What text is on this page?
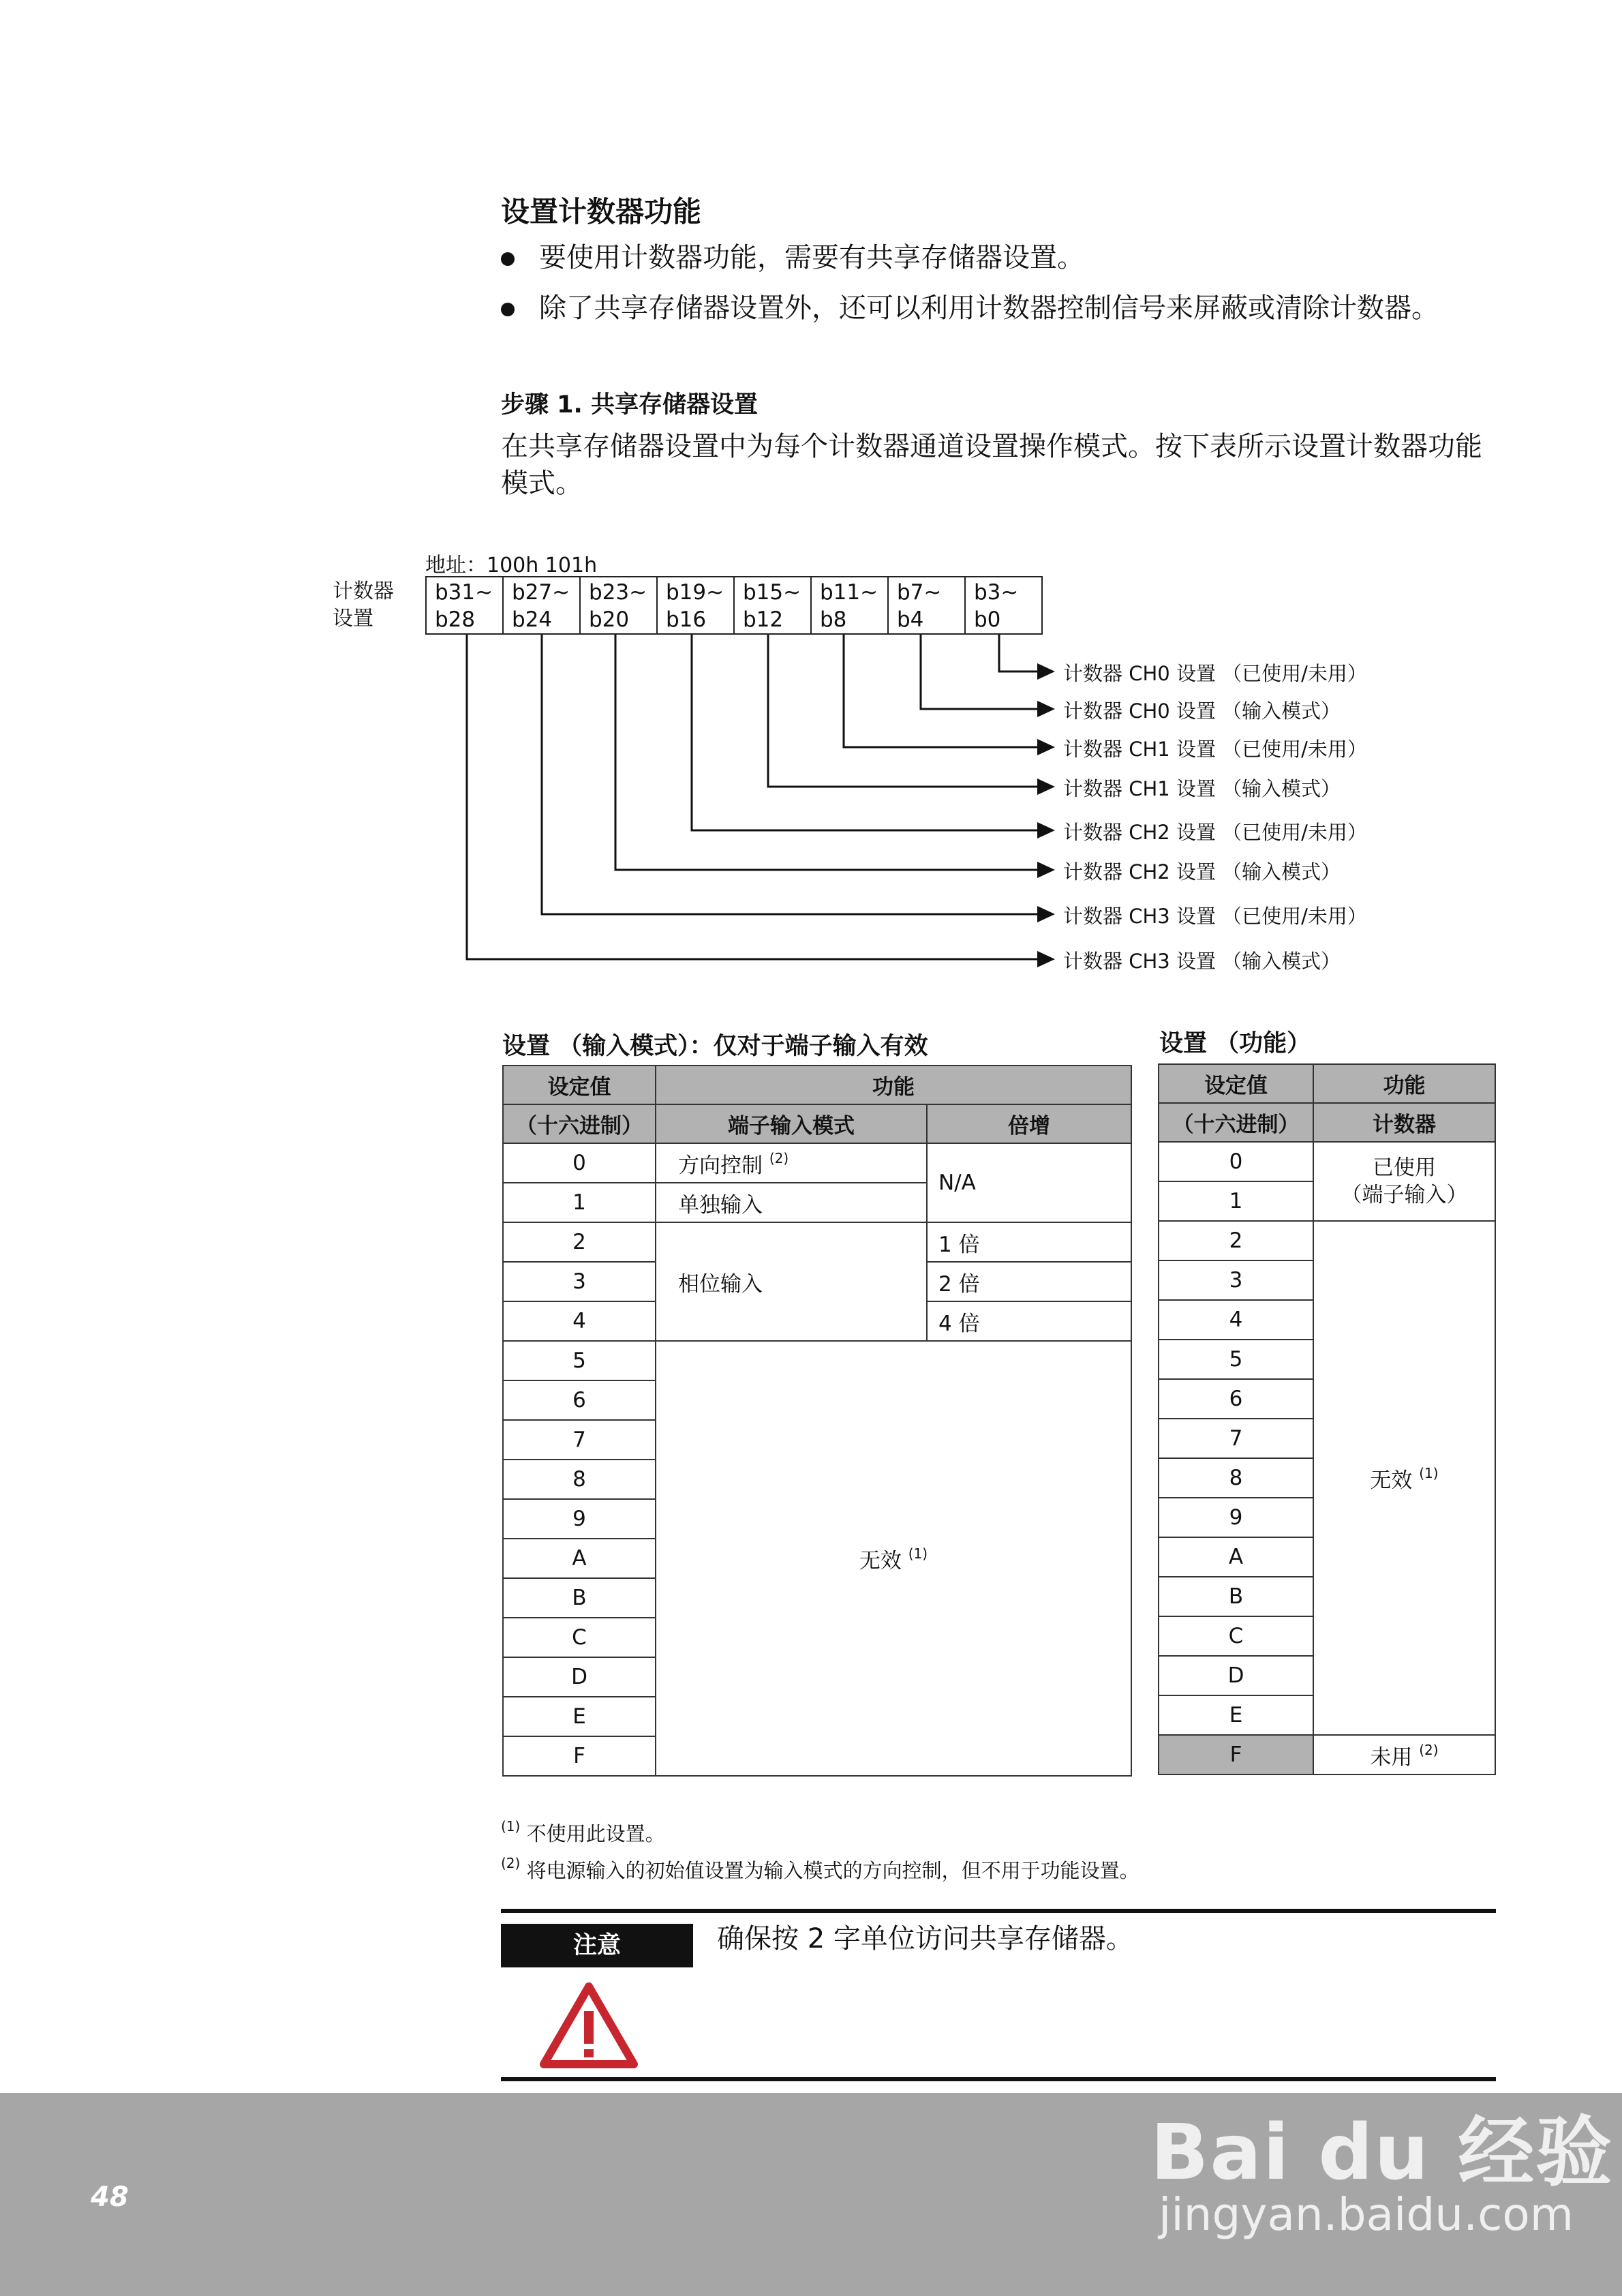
设置计数器功能
要使用计数器功能，需要有共享存储器设置。
除了共享存储器设置外，还可以利用计数器控制信号来屏蔽或清除计数器。
步骤 1. 共享存储器设置
在共享存储器设置中为每个计数器通道设置操作模式。按下表所示设置计数器功能模式。
地址：100h 101h
计数器
设置
b31~
b28
b27~
b24
b23~
b20
b19~
b16
b15~
b12
b11~
b8
b7~
b4
b3~
b0
计数器 CH0 设置 （已使用/未用）
计数器 CH0 设置 （输入模式）
计数器 CH1 设置 （已使用/未用）
计数器 CH1 设置 （输入模式）
计数器 CH2 设置 （已使用/未用）
计数器 CH2 设置 （输入模式）
计数器 CH3 设置 （已使用/未用）
计数器 CH3 设置 （输入模式）
设置 （输入模式）：仅对于端子输入有效
设定值	功能	
（十六进制）	端子输入模式	倍增
0	方向控制 $^{(2)}$	N/A
1	单独输入	
2	相位输入	1 倍
3		2 倍
4		4 倍
5	无效 $^{(1)}$
6		
7		
8		
9		
A		
B		
C		
D		
E		
F		
设置 （功能）
设定值	功能
（十六进制）	计数器
0	已使用
（端子输入）

1	
2	无效 $^{(1)}$
3	
4	
5	
6	
7	
8	
9	
A	
B	
C	
D	
E	
F	未用 $^{(2)}$
$^{(1)}$ 不使用此设置。
$^{(2)}$ 将电源输入的初始值设置为输入模式的方向控制，但不用于功能设置。
注意	确保按 2 字单位访问共享存储器。
48	Bai du 经验
jingyan.baidu.com
